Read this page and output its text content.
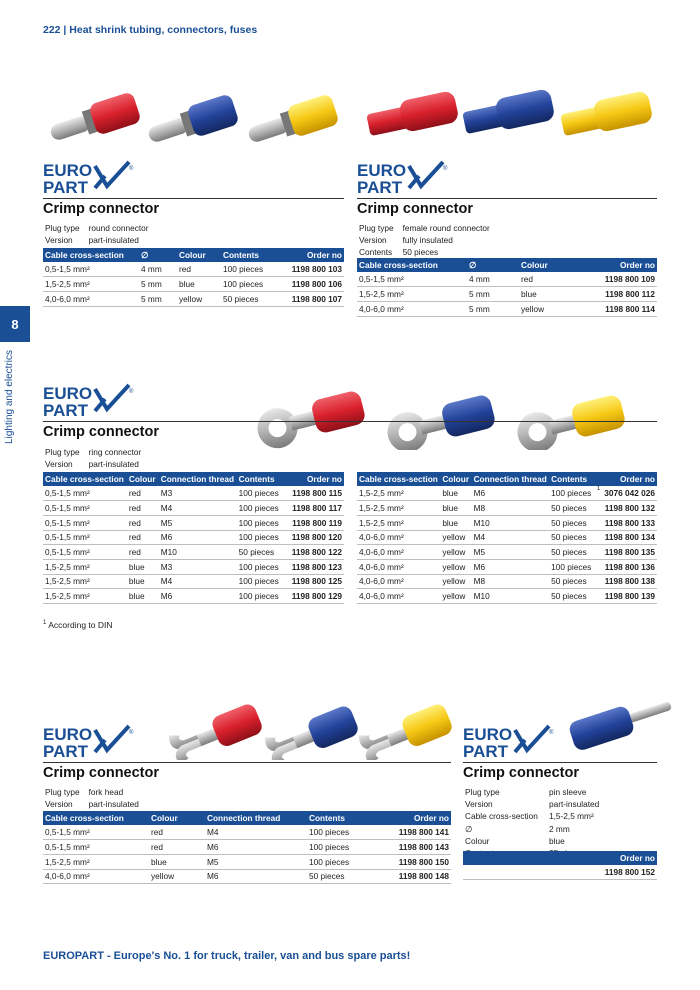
222 | Heat shrink tubing, connectors, fuses
8
Lighting and electrics
EURO
PART
®	EURO
PART
®
EURO
PART
®
EURO
PART
®	EURO
PART
®
Crimp connector
Plug type	round connector
Version	part-insulated
Cable cross-section	∅	Colour	Contents	Order no
0,5-1,5 mm²	4 mm	red	100 pieces	1198 800 103
1,5-2,5 mm²	5 mm	blue	100 pieces	1198 800 106
4,0-6,0 mm²	5 mm	yellow	50 pieces	1198 800 107
Crimp connector
Plug type	female round connector
Version	fully insulated
Contents	50 pieces
Cable cross-section	∅	Colour	Order no
0,5-1,5 mm²	4 mm	red	1198 800 109
1,5-2,5 mm²	5 mm	blue	1198 800 112
4,0-6,0 mm²	5 mm	yellow	1198 800 114
Crimp connector
Plug type	ring connector
Version	part-insulated
Cable cross-section	Colour	Connection thread	Contents	Order no
0,5-1,5 mm²	red	M3	100 pieces	1198 800 115
0,5-1,5 mm²	red	M4	100 pieces	1198 800 117
0,5-1,5 mm²	red	M5	100 pieces	1198 800 119
0,5-1,5 mm²	red	M6	100 pieces	1198 800 120
0,5-1,5 mm²	red	M10	50 pieces	1198 800 122
1,5-2,5 mm²	blue	M3	100 pieces	1198 800 123
1,5-2,5 mm²	blue	M4	100 pieces	1198 800 125
1,5-2,5 mm²	blue	M6	100 pieces	1198 800 129
Cable cross-section	Colour	Connection thread	Contents		Order no
1,5-2,5 mm²	blue	M6	100 pieces	1	3076 042 026
1,5-2,5 mm²	blue	M8	50 pieces		1198 800 132
1,5-2,5 mm²	blue	M10	50 pieces		1198 800 133
4,0-6,0 mm²	yellow	M4	50 pieces		1198 800 134
4,0-6,0 mm²	yellow	M5	50 pieces		1198 800 135
4,0-6,0 mm²	yellow	M6	100 pieces		1198 800 136
4,0-6,0 mm²	yellow	M8	50 pieces		1198 800 138
4,0-6,0 mm²	yellow	M10	50 pieces		1198 800 139
$^1$ According to DIN
Crimp connector
Plug type	fork head
Version	part-insulated
Cable cross-section	Colour	Connection thread	Contents	Order no
0,5-1,5 mm²	red	M4	100 pieces	1198 800 141
0,5-1,5 mm²	red	M6	100 pieces	1198 800 143
1,5-2,5 mm²	blue	M5	100 pieces	1198 800 150
4,0-6,0 mm²	yellow	M6	50 pieces	1198 800 148
Crimp connector
Plug type	pin sleeve
Version	part-insulated
Cable cross-section	1,5-2,5 mm²
∅	2 mm
Colour	blue

Order no
1198 800 152
EUROPART - Europe's No. 1 for truck, trailer, van and bus spare parts!
